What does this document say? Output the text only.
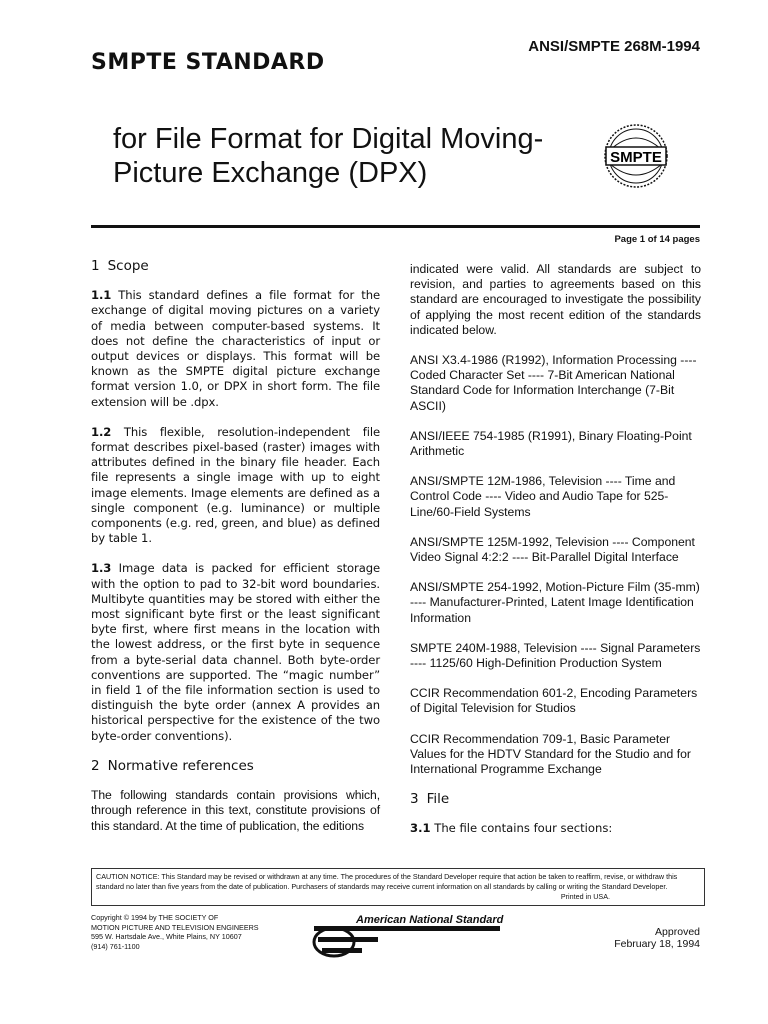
ANSI/SMPTE 268M-1994
SMPTE STANDARD
for File Format for Digital Moving-
Picture Exchange (DPX)	SMPTE
Page 1 of 14 pages
1 Scope

1.1 This standard defines a file format for the exchange of digital moving pictures on a variety of media between computer-based systems. It does not define the characteristics of input or output devices or displays. This format will be known as the SMPTE digital picture exchange format version 1.0, or DPX in short form. The file extension will be .dpx.

1.2 This flexible, resolution-independent file format describes pixel-based (raster) images with attributes defined in the binary file header. Each file represents a single image with up to eight image elements. Image elements are defined as a single component (e.g. luminance) or multiple components (e.g. red, green, and blue) as defined by table 1.

1.3 Image data is packed for efficient storage with the option to pad to 32-bit word boundaries. Multibyte quantities may be stored with either the most significant byte first or the least significant byte first, where first means in the location with the lowest address, or the first byte in sequence from a byte-serial data channel. Both byte-order conventions are supported. The “magic number” in field 1 of the file information section is used to distinguish the byte order (annex A provides an historical perspective for the existence of the two byte-order conventions).

2 Normative references

The following standards contain provisions which, through reference in this text, constitute provisions of this standard. At the time of publication, the editions

indicated were valid. All standards are subject to revision, and parties to agreements based on this standard are encouraged to investigate the possibility of applying the most recent edition of the standards indicated below.

ANSI X3.4-1986 (R1992), Information Processing ---- Coded Character Set ---- 7-Bit American National Standard Code for Information Interchange (7-Bit ASCII)
ANSI/IEEE 754-1985 (R1991), Binary Floating-Point Arithmetic
ANSI/SMPTE 12M-1986, Television ---- Time and Control Code ---- Video and Audio Tape for 525-Line/60-Field Systems
ANSI/SMPTE 125M-1992, Television ---- Component Video Signal 4:2:2 ---- Bit-Parallel Digital Interface
ANSI/SMPTE 254-1992, Motion-Picture Film (35-mm) ---- Manufacturer-Printed, Latent Image Identification Information
SMPTE 240M-1988, Television ---- Signal Parameters ---- 1125/60 High-Definition Production System
CCIR Recommendation 601-2, Encoding Parameters of Digital Television for Studios
CCIR Recommendation 709-1, Basic Parameter Values for the HDTV Standard for the Studio and for International Programme Exchange
3 File

3.1 The file contains four sections:

CAUTION NOTICE: This Standard may be revised or withdrawn at any time. The procedures of the Standard Developer require that action be taken to reaffirm, revise, or withdraw this standard no later than five years from the date of publication. Purchasers of standards may receive current information on all standards by calling or writing the Standard Developer.
Printed in USA.
Copyright © 1994 by THE SOCIETY OF
MOTION PICTURE AND TELEVISION ENGINEERS
595 W. Hartsdale Ave., White Plains, NY 10607
(914) 761-1100
American National Standard
Approved
February 18, 1994
